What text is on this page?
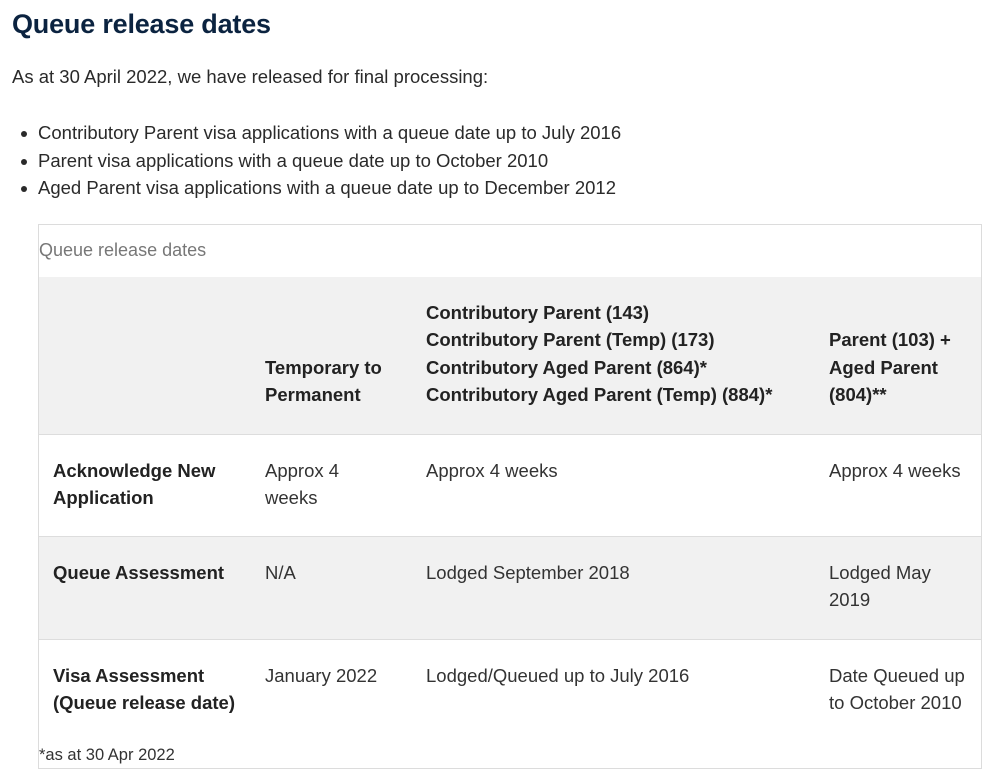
Queue release dates

As at 30 April 2022, we have released for final processing:

Contributory Parent visa applications with a queue date up to July 2016
Parent visa applications with a queue date up to October 2010
Aged Parent visa applications with a queue date up to December 2012
Queue release dates

	Temporary to
Permanent	Contributory Parent (143)
Contributory Parent (Temp) (173)
Contributory Aged Parent (864)*
Contributory Aged Parent (Temp) (884)*	Parent (103) +
Aged Parent
(804)**

Acknowledge New
Application	Approx 4
weeks	Approx 4 weeks	Approx 4 weeks

Queue Assessment	N/A	Lodged September 2018	Lodged May
2019

Visa Assessment
(Queue release date)	January 2022	Lodged/Queued up to July 2016	Date Queued up
to October 2010
*as at 30 Apr 2022
